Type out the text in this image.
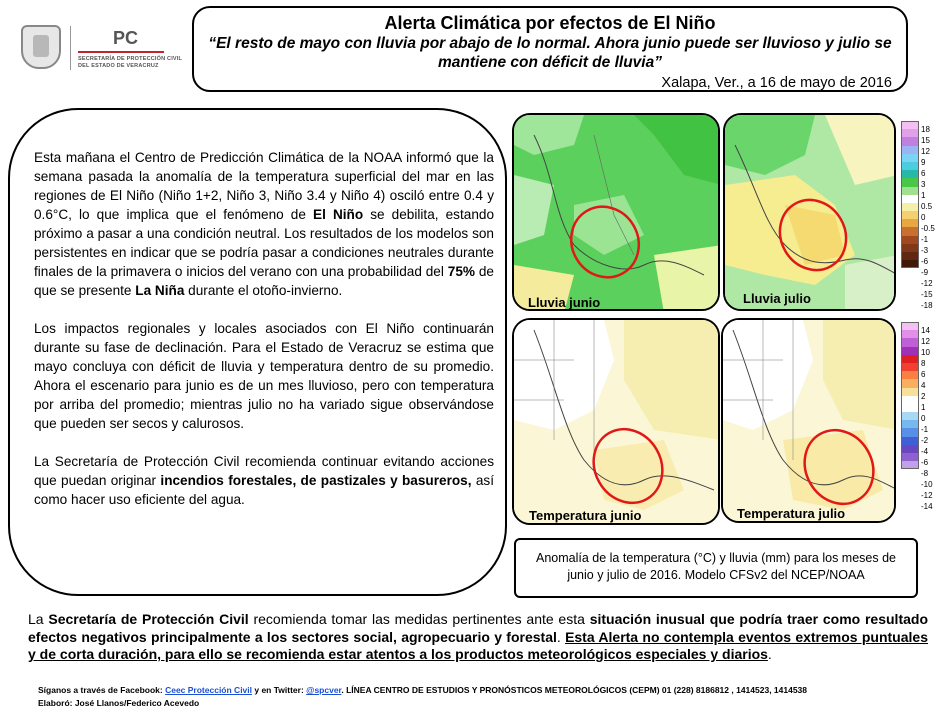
PC
SECRETARÍA DE PROTECCIÓN CIVIL
DEL ESTADO DE VERACRUZ
Alerta Climática por efectos de El Niño
“El resto de mayo con lluvia por abajo de lo normal. Ahora junio puede ser lluvioso y julio se mantiene con déficit de lluvia”
Xalapa, Ver., a 16 de mayo de 2016

Esta mañana el Centro de Predicción Climática de la NOAA informó que la semana pasada la anomalía de la temperatura superficial del mar en las regiones de El Niño (Niño 1+2, Niño 3, Niño 3.4 y Niño 4) osciló entre 0.4 y 0.6°C, lo que implica que el fenómeno de El Niño se debilita, estando próximo a pasar a una condición neutral. Los resultados de los modelos son persistentes en indicar que se podría pasar a condiciones neutrales durante finales de la primavera o inicios del verano con una probabilidad del 75% de que se presente La Niña durante el otoño-invierno.

Los impactos regionales y locales asociados con El Niño continuarán durante su fase de declinación. Para el Estado de Veracruz se estima que mayo concluya con déficit de lluvia y temperatura dentro de su promedio. Ahora el escenario para junio es de un mes lluvioso, pero con temperatura por arriba del promedio; mientras julio no ha variado sigue observándose que pueden ser secos y calurosos.

La Secretaría de Protección Civil recomienda continuar evitando acciones que puedan originar incendios forestales, de pastizales y basureros, así como hacer uso eficiente del agua.

Lluvia junio	Lluvia julio
Temperatura junio	Temperatura julio
18
15
12
9
6
3
1
0.5
0
-0.5
-1
-3
-6
-9
-12
-15
-18
14
12
10
8
6
4
2
1
0
-1
-2
-4
-6
-8
-10
-12
-14
Anomalía de la temperatura (°C) y lluvia (mm) para los meses de junio y julio de 2016. Modelo CFSv2 del NCEP/NOAA
La Secretaría de Protección Civil recomienda tomar las medidas pertinentes ante esta situación inusual que podría traer como resultado efectos negativos principalmente a los sectores social, agropecuario y forestal. Esta Alerta no contempla eventos extremos puntuales y de corta duración, para ello se recomienda estar atentos a los productos meteorológicos especiales y diarios.
Síganos a través de Facebook: Ceec Protección Civil y en Twitter: @spcver. LÍNEA CENTRO DE ESTUDIOS Y PRONÓSTICOS METEOROLÓGICOS (CEPM) 01 (228) 8186812 , 1414523, 1414538
Elaboró: José Llanos/Federico Acevedo
